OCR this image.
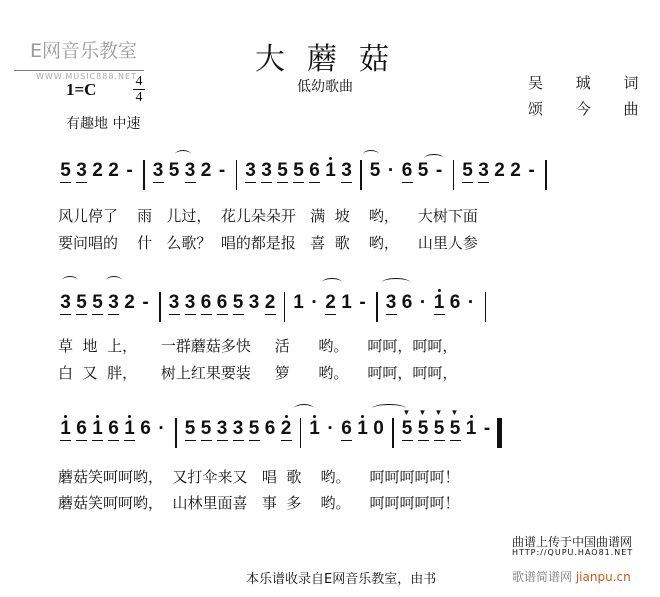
E网音乐教室
WWW.MUSIC888.NET	大蘑菇
低幼歌曲	吴 珹 词
颂 今 曲
1=C	4
4
有趣地 中速
5 3 2 2 - 3 5 3 2 - 3 3 5 5 6 1 3 5 · 6 5 - 5 3 2 2 -
风儿停了    雨   儿过，  花儿朵朵开   满  坡    哟，    大树下面
要问唱的    什   么歌？  唱的都是报   喜  歌    哟，    山里人参
3 5 5 3 2 - 3 3 6 6 5 3 2 1 · 2 1 - 3 6 · 1 6 ·
草  地  上，     一群蘑菇多快     活      哟。    呵呵，呵呵，
白  又  胖，     树上红果要装     箩      哟。    呵呵，呵呵，
1 6 1 6 1 6 · 5 5 3 3 5 6 2 1 · 6 1 0 5 ▼ 5 ▼ 5 ▼ 5 ▼ 1 -
蘑菇笑呵呵哟，  又打伞来又   唱  歌    哟。    呵呵呵呵呵！
蘑菇笑呵呵哟，  山林里面喜   事  多    哟。    呵呵呵呵呵！
本乐谱收录自E网音乐教室，由书
曲谱上传于中国曲谱网
HTTP://QUPU.HAO81.NET
歌谱简谱网 jianpu.cn
